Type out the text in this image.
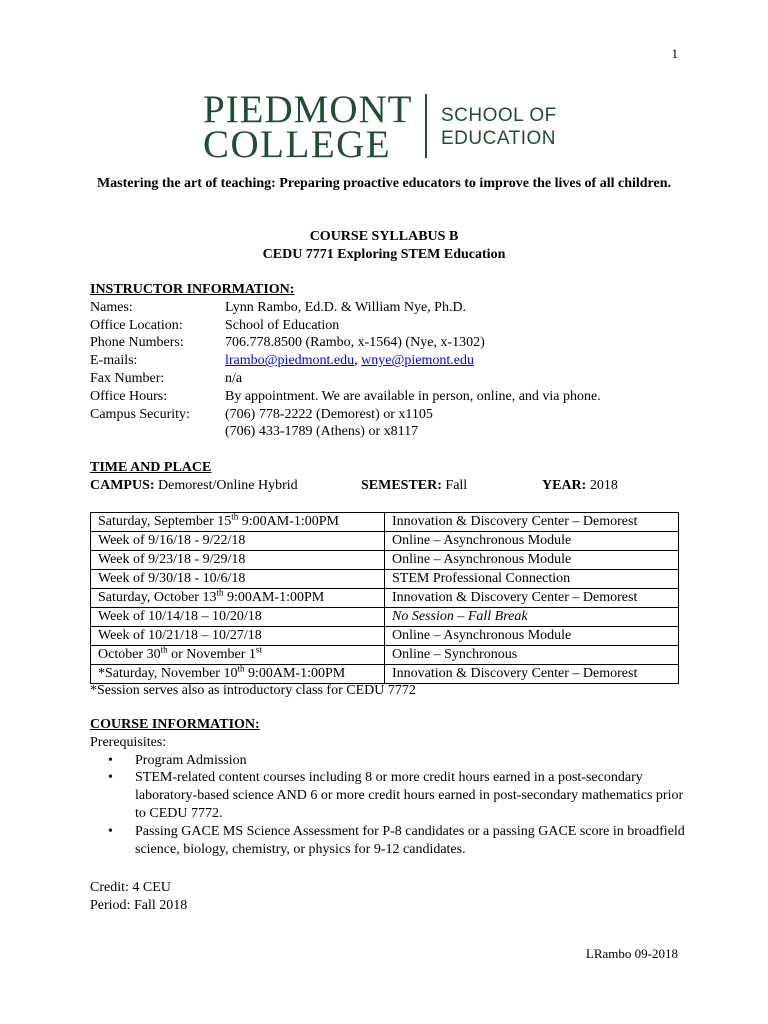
1
PIEDMONT
COLLEGE
SCHOOL OF
EDUCATION
Mastering the art of teaching: Preparing proactive educators to improve the lives of all children.
COURSE SYLLABUS B
CEDU 7771 Exploring STEM Education
INSTRUCTOR INFORMATION:
Names:	Lynn Rambo, Ed.D. & William Nye, Ph.D.
Office Location:	School of Education
Phone Numbers:	706.778.8500 (Rambo, x-1564) (Nye, x-1302)
E-mails:	lrambo@piedmont.edu, wnye@piemont.edu
Fax Number:	n/a
Office Hours:	By appointment. We are available in person, online, and via phone.
Campus Security:	(706) 778-2222 (Demorest) or x1105
(706) 433-1789 (Athens) or x8117
TIME AND PLACE
CAMPUS: Demorest/Online Hybrid	SEMESTER: Fall	YEAR: 2018
Saturday, September 15th 9:00AM-1:00PM	Innovation & Discovery Center – Demorest
Week of 9/16/18 - 9/22/18	Online – Asynchronous Module
Week of 9/23/18 - 9/29/18	Online – Asynchronous Module
Week of 9/30/18 - 10/6/18	STEM Professional Connection
Saturday, October 13th 9:00AM-1:00PM	Innovation & Discovery Center – Demorest
Week of 10/14/18 – 10/20/18	No Session – Fall Break
Week of 10/21/18 – 10/27/18	Online – Asynchronous Module
October 30th or November 1st	Online – Synchronous
*Saturday, November 10th 9:00AM-1:00PM	Innovation & Discovery Center – Demorest
*Session serves also as introductory class for CEDU 7772
COURSE INFORMATION:
Prerequisites:
• Program Admission
• STEM-related content courses including 8 or more credit hours earned in a post-secondary laboratory-based science AND 6 or more credit hours earned in post-secondary mathematics prior to CEDU 7772.
• Passing GACE MS Science Assessment for P-8 candidates or a passing GACE score in broadfield science, biology, chemistry, or physics for 9-12 candidates.
Credit: 4 CEU
Period: Fall 2018
LRambo 09-2018
